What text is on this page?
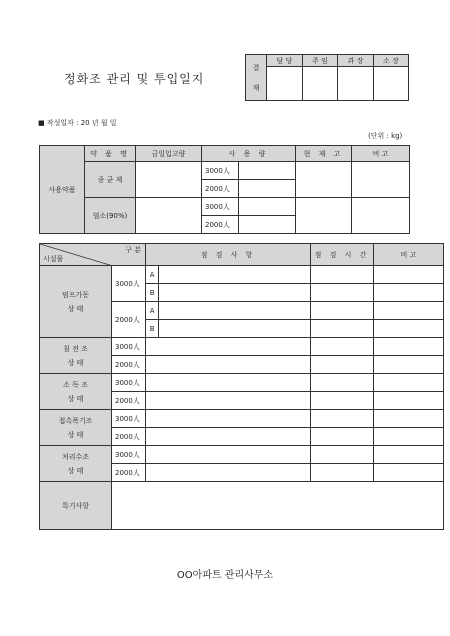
정화조 관리 및 투입일지
결
재	담 당	주 임	과 장	소 장

■ 작성일자 : 20 년 월 일
(단위 : kg)
사용약품	약 품 명	금일입고량	사 용 량		현 재 고	비 고
	종 균 제		3000人			
			2000人			
	염소(90%)		3000人			
			2000人			
구 분
시설물		점 검 사 항		점 검 시 간	비 고

펌프가동
상 태	3000人	A			
		B			
	2000人	A			
		B			

침 전 조
상 태	3000人				
	2000人				

소 독 조
상 태	3000人				
	2000人				

접촉폭기조
상 태	3000人				
	2000人				

처리수조
상 태	3000人				
	2000人				
특기사항					
OO아파트 관리사무소
